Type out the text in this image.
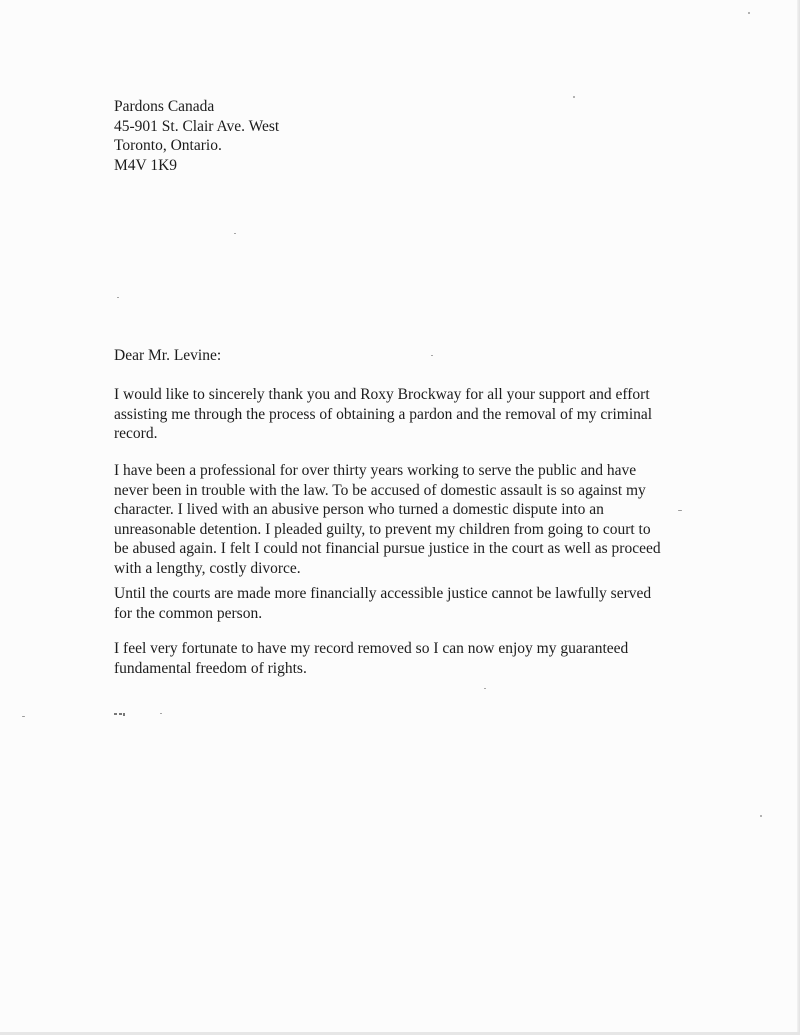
Pardons Canada
45-901 St. Clair Ave. West
Toronto, Ontario.
M4V 1K9
Dear Mr. Levine:
I would like to sincerely thank you and Roxy Brockway for all your support and effort
assisting me through the process of obtaining a pardon and the removal of my criminal
record.
I have been a professional for over thirty years working to serve the public and have
never been in trouble with the law. To be accused of domestic assault is so against my
character. I lived with an abusive person who turned a domestic dispute into an
unreasonable detention. I pleaded guilty, to prevent my children from going to court to
be abused again. I felt I could not financial pursue justice in the court as well as proceed
with a lengthy, costly divorce.
Until the courts are made more financially accessible justice cannot be lawfully served
for the common person.
I feel very fortunate to have my record removed so I can now enjoy my guaranteed
fundamental freedom of rights.
